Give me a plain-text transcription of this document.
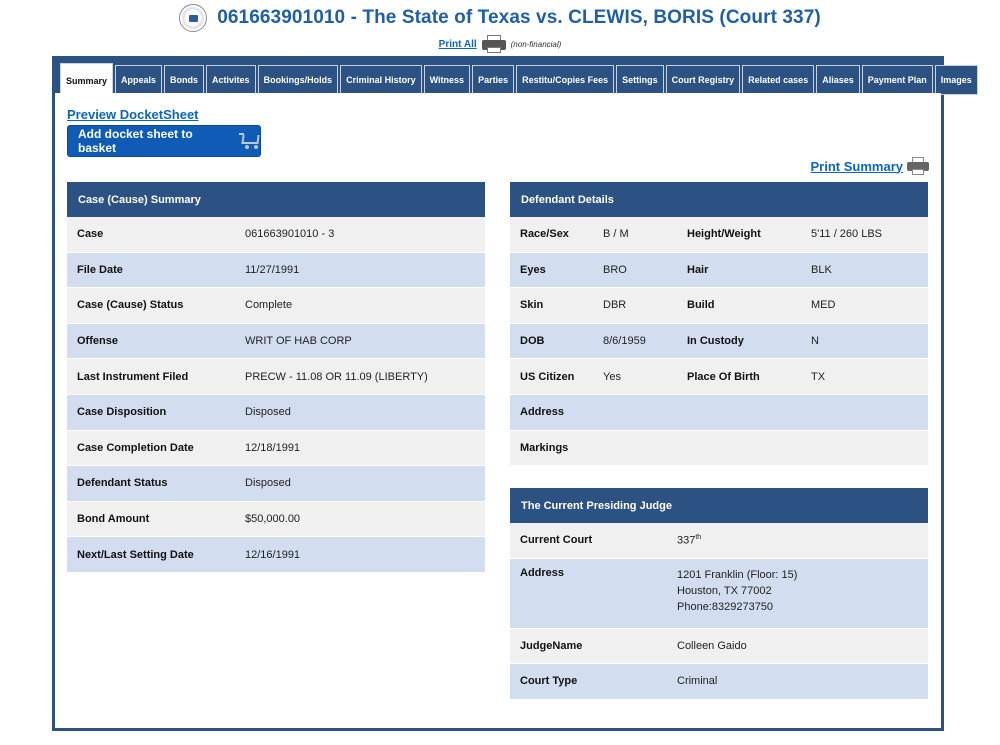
061663901010 - The State of Texas vs. CLEWIS, BORIS (Court 337)
Print All	(non-financial)
Summary	Appeals	Bonds	Activites	Bookings/Holds	Criminal History	Witness	Parties	Restitu/Copies Fees	Settings	Court Registry	Related cases	Aliases	Payment Plan	Images
Preview DocketSheet
Add docket sheet to basket
Print Summary
Case (Cause) Summary
Case	061663901010 - 3
File Date	11/27/1991
Case (Cause) Status	Complete
Offense	WRIT OF HAB CORP
Last Instrument Filed	PRECW - 11.08 OR 11.09 (LIBERTY)
Case Disposition	Disposed
Case Completion Date	12/18/1991
Defendant Status	Disposed
Bond Amount	$50,000.00
Next/Last Setting Date	12/16/1991
Defendant Details
Race/Sex	B / M	Height/Weight	5'11 / 260 LBS
Eyes	BRO	Hair	BLK
Skin	DBR	Build	MED
DOB	8/6/1959	In Custody	N
US Citizen	Yes	Place Of Birth	TX
Address
Markings
The Current Presiding Judge
Current Court	337th
Address	1201 Franklin (Floor: 15)
Houston, TX 77002
Phone:8329273750
JudgeName	Colleen Gaido
Court Type	Criminal
